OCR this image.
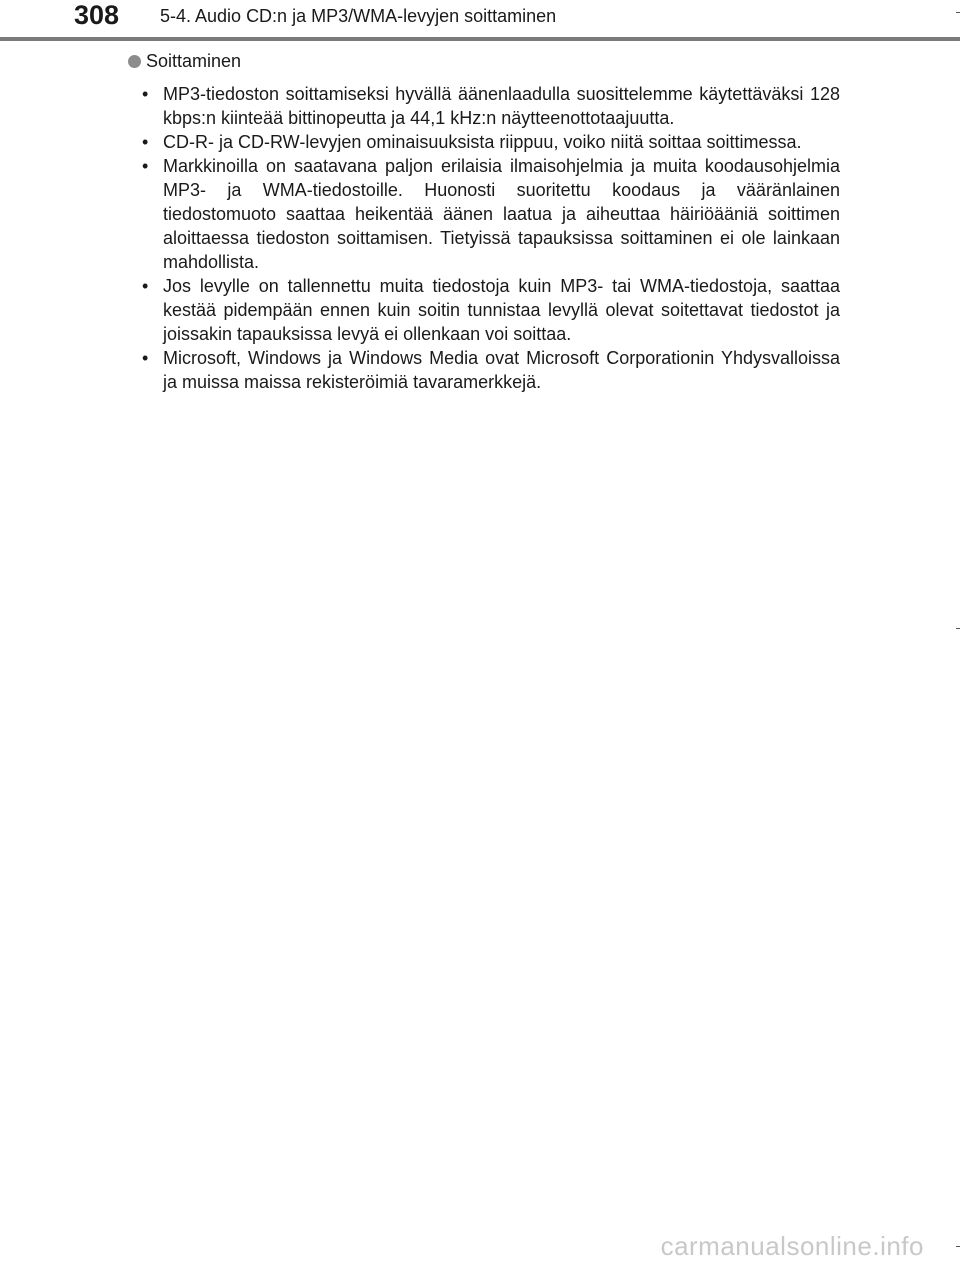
308 5-4. Audio CD:n ja MP3/WMA-levyjen soittaminen
Soittaminen
• MP3-tiedoston soittamiseksi hyvällä äänenlaadulla suosittelemme käytettäväksi 128 kbps:n kiinteää bittinopeutta ja 44,1 kHz:n näytteenottotaajuutta.
• CD-R- ja CD-RW-levyjen ominaisuuksista riippuu, voiko niitä soittaa soittimessa.
• Markkinoilla on saatavana paljon erilaisia ilmaisohjelmia ja muita koodausohjelmia MP3- ja WMA-tiedostoille. Huonosti suoritettu koodaus ja vääränlainen tiedostomuoto saattaa heikentää äänen laatua ja aiheuttaa häiriöääniä soittimen aloittaessa tiedoston soittamisen. Tietyissä tapauksissa soittaminen ei ole lainkaan mahdollista.
• Jos levylle on tallennettu muita tiedostoja kuin MP3- tai WMA-tiedostoja, saattaa kestää pidempään ennen kuin soitin tunnistaa levyllä olevat soitettavat tiedostot ja joissakin tapauksissa levyä ei ollenkaan voi soittaa.
• Microsoft, Windows ja Windows Media ovat Microsoft Corporationin Yhdysvalloissa ja muissa maissa rekisteröimiä tavaramerkkejä.
carmanualsonline.info
